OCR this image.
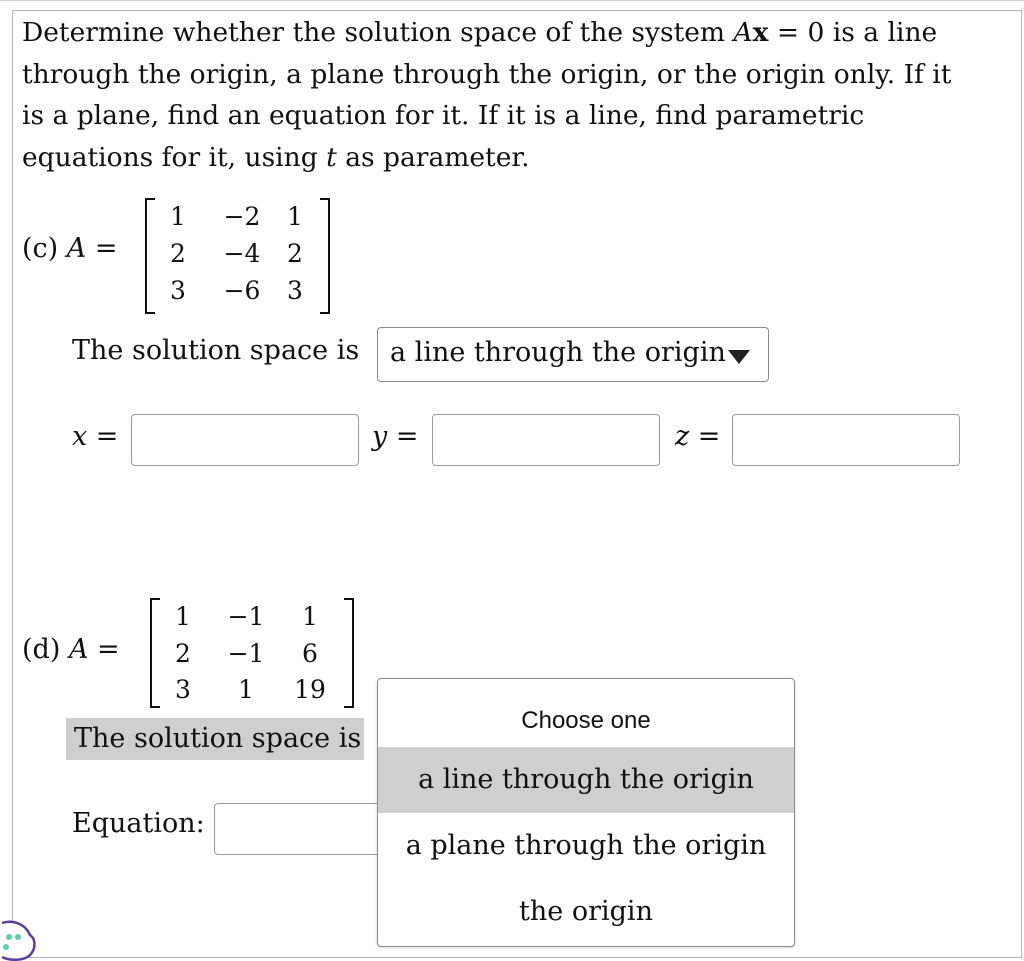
Determine whether the solution space of the system Ax = 0 is a line
through the origin, a plane through the origin, or the origin only. If it
is a plane, find an equation for it. If it is a line, find parametric
equations for it, using t as parameter.
(c) A =
1	−2	1
2	−4	2
3	−6	3
The solution space is	a line through the origin
x =	y =	z =
(d) A =
1	−1	1
2	−1	6
3	1	19
The solution space is
Equation:
Choose one
a line through the origin
a plane through the origin
the origin
